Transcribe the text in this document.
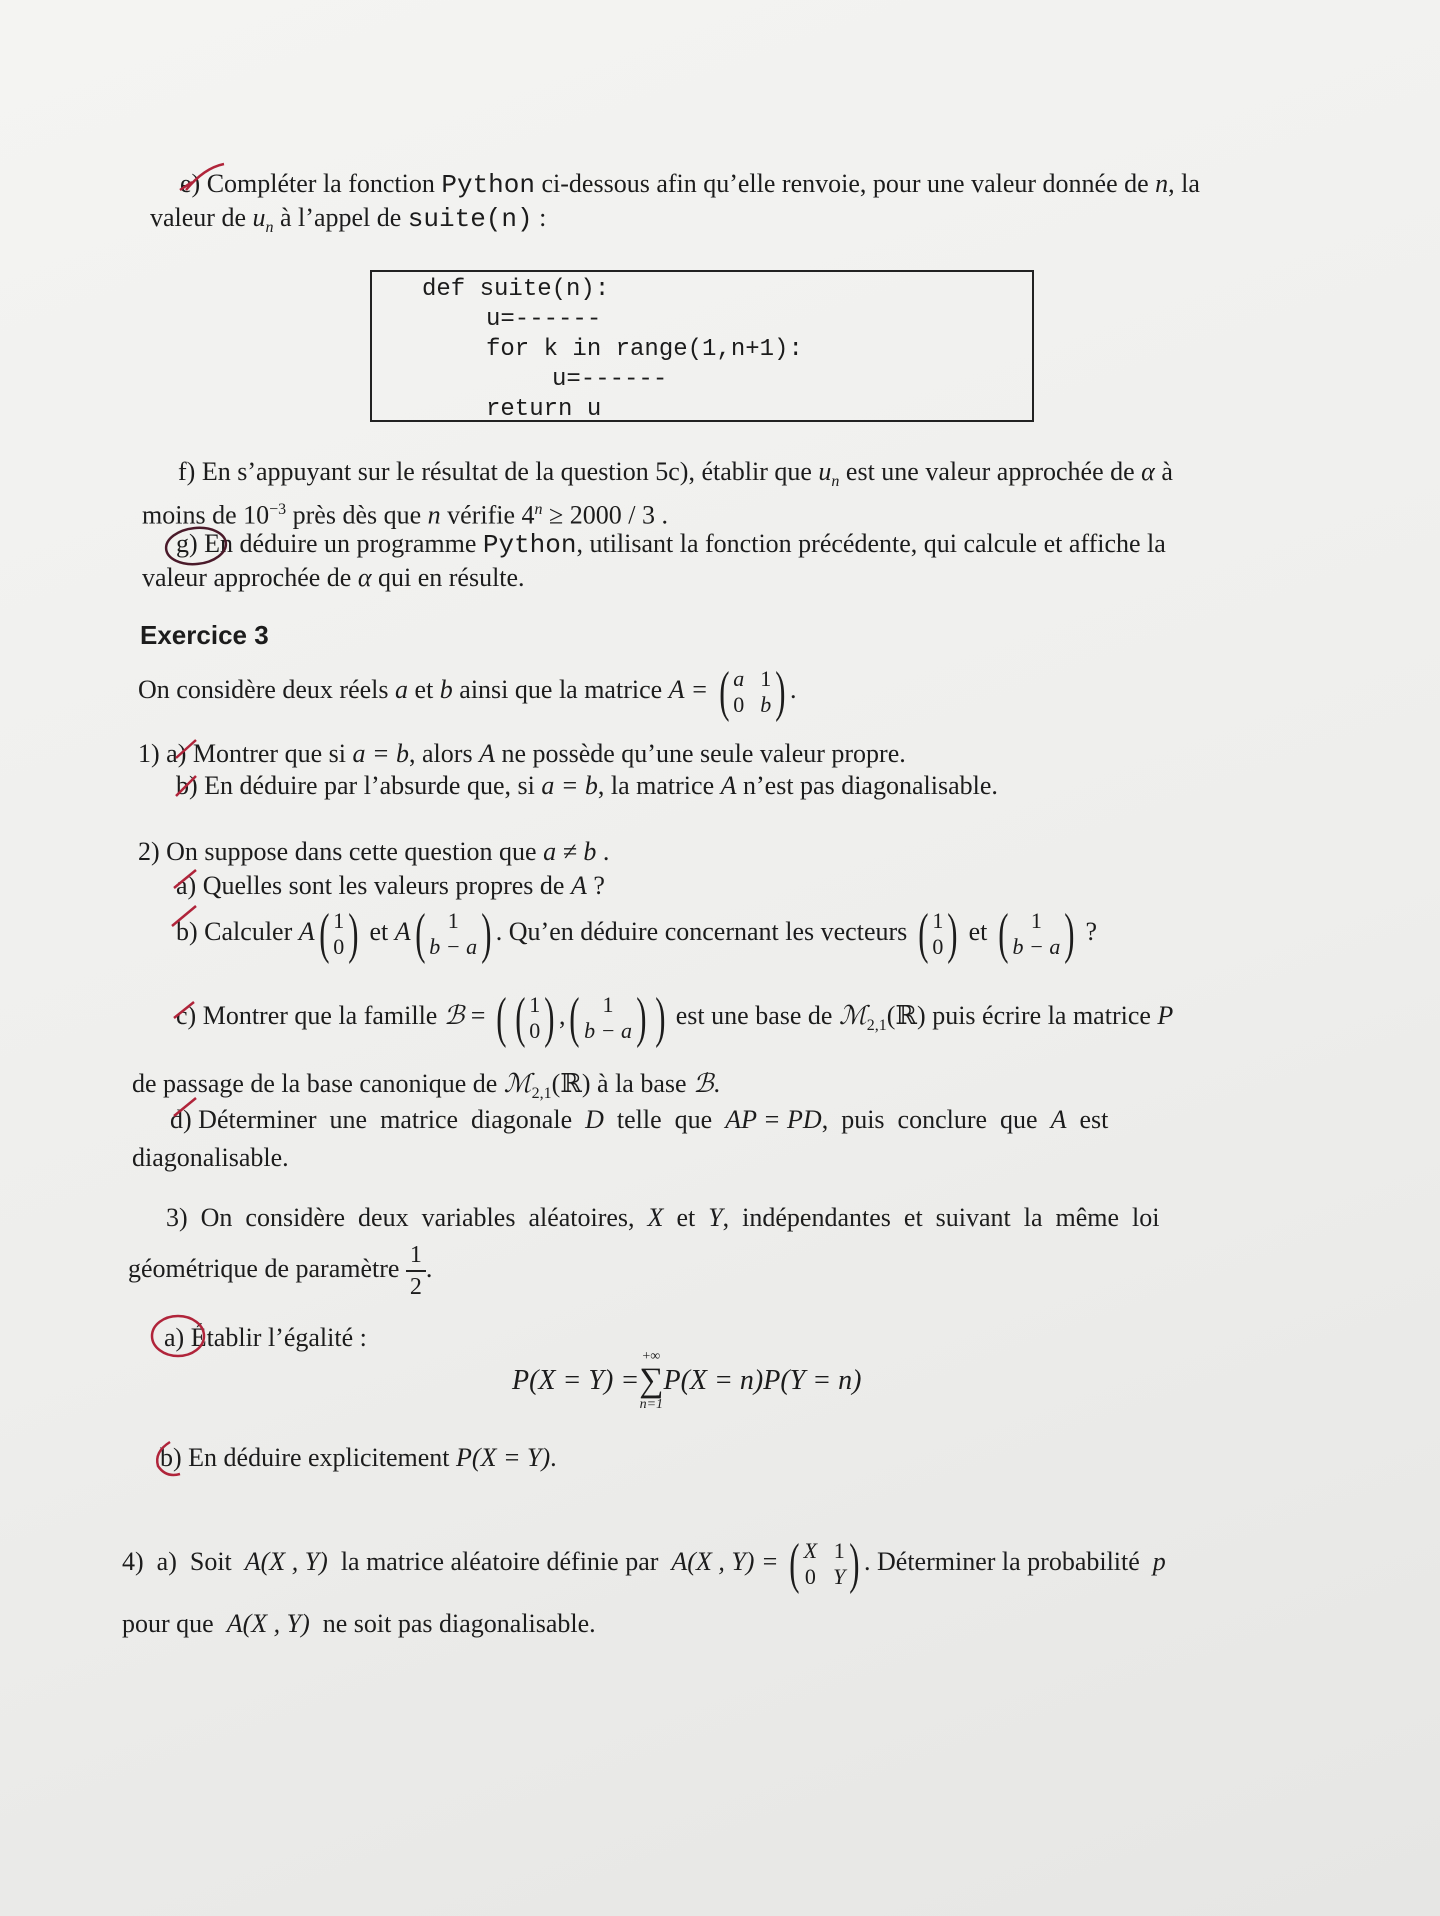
e) Compléter la fonction Python ci-dessous afin qu’elle renvoie, pour une valeur donnée de n, la
valeur de $u_n$ à l’appel de suite(n) :
def suite(n):
u=------
for k in range(1,n+1):
u=------
return u
f) En s’appuyant sur le résultat de la question 5c), établir que $u_n$ est une valeur approchée de α à
moins de $10^{-3}$ près dès que n vérifie $4^n \ge 2000 / 3$ .
g) En déduire un programme Python, utilisant la fonction précédente, qui calcule et affiche la
valeur approchée de α qui en résulte.
Exercice 3
On considère deux réels a et b ainsi que la matrice A = ( a 1
0 b ) .
1) a) Montrer que si a = b, alors A ne possède qu’une seule valeur propre.
b) En déduire par l’absurde que, si a = b, la matrice A n’est pas diagonalisable.
2) On suppose dans cette question que a ≠ b .
a) Quelles sont les valeurs propres de A ?
b) Calculer A( 1
0 ) et A(	1
b − a ) . Qu’en déduire concernant les vecteurs ( 1
0 ) et (	1
b − a ) ?
c) Montrer que la famille ℬ = ( ( 1
0 ) ,(	1
b − a ) ) est une base de ℳ$_{2,1}$(ℝ) puis écrire la matrice P
de passage de la base canonique de ℳ$_{2,1}$(ℝ) à la base ℬ.
d) Déterminer  une  matrice  diagonale  D  telle  que  AP = PD,  puis  conclure  que  A  est
diagonalisable.
3)  On  considère  deux  variables  aléatoires,  X  et  Y,  indépendantes  et  suivant  la  même  loi
géométrique de paramètre $\frac{1}{2}$ .
a) Établir l’égalité :
P(X = Y) =
+∞
∑
n=1
P(X = n)P(Y = n)
b) En déduire explicitement P(X = Y).
4)  a)  Soit  A(X , Y)  la matrice aléatoire définie par  A(X , Y) = ( X 1
0 Y ) . Déterminer la probabilité  p
pour que  A(X , Y)  ne soit pas diagonalisable.
